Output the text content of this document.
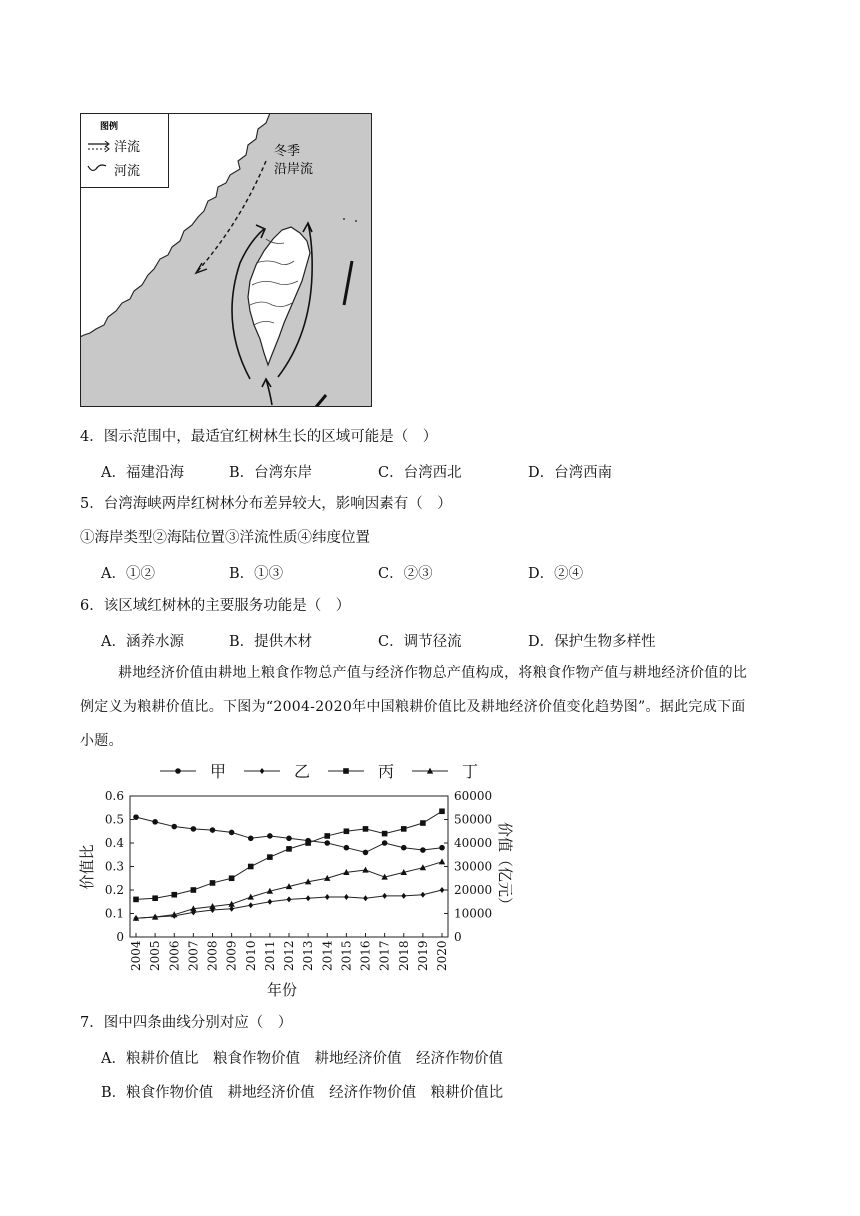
图例
洋流
河流
冬季
沿岸流
4．图示范围中，最适宜红树林生长的区域可能是（　）
A．福建沿海	B．台湾东岸	C．台湾西北	D．台湾西南
5．台湾海峡两岸红树林分布差异较大，影响因素有（　）
①海岸类型②海陆位置③洋流性质④纬度位置
A．①②	B．①③	C．②③	D．②④
6．该区域红树林的主要服务功能是（　）
A．涵养水源	B．提供木材	C．调节径流	D．保护生物多样性
耕地经济价值由耕地上粮食作物总产值与经济作物总产值构成，将粮食作物产值与耕地经济价值的比
例定义为粮耕价值比。下图为“2004-2020年中国粮耕价值比及耕地经济价值变化趋势图”。据此完成下面
小题。
0
0.1
0.2
0.3
0.4
0.5
0.6
0
10000
20000
30000
40000
50000
60000
2004 2005 2006 2007 2008 2009 2010 2011 2012 2013 2014 2015 2016 2017 2018 2019 2020
年份
价值比	价值（亿元）
甲	乙	丙	丁
7．图中四条曲线分别对应（　）
A．粮耕价值比　粮食作物价值　耕地经济价值　经济作物价值
B．粮食作物价值　耕地经济价值　经济作物价值　粮耕价值比
